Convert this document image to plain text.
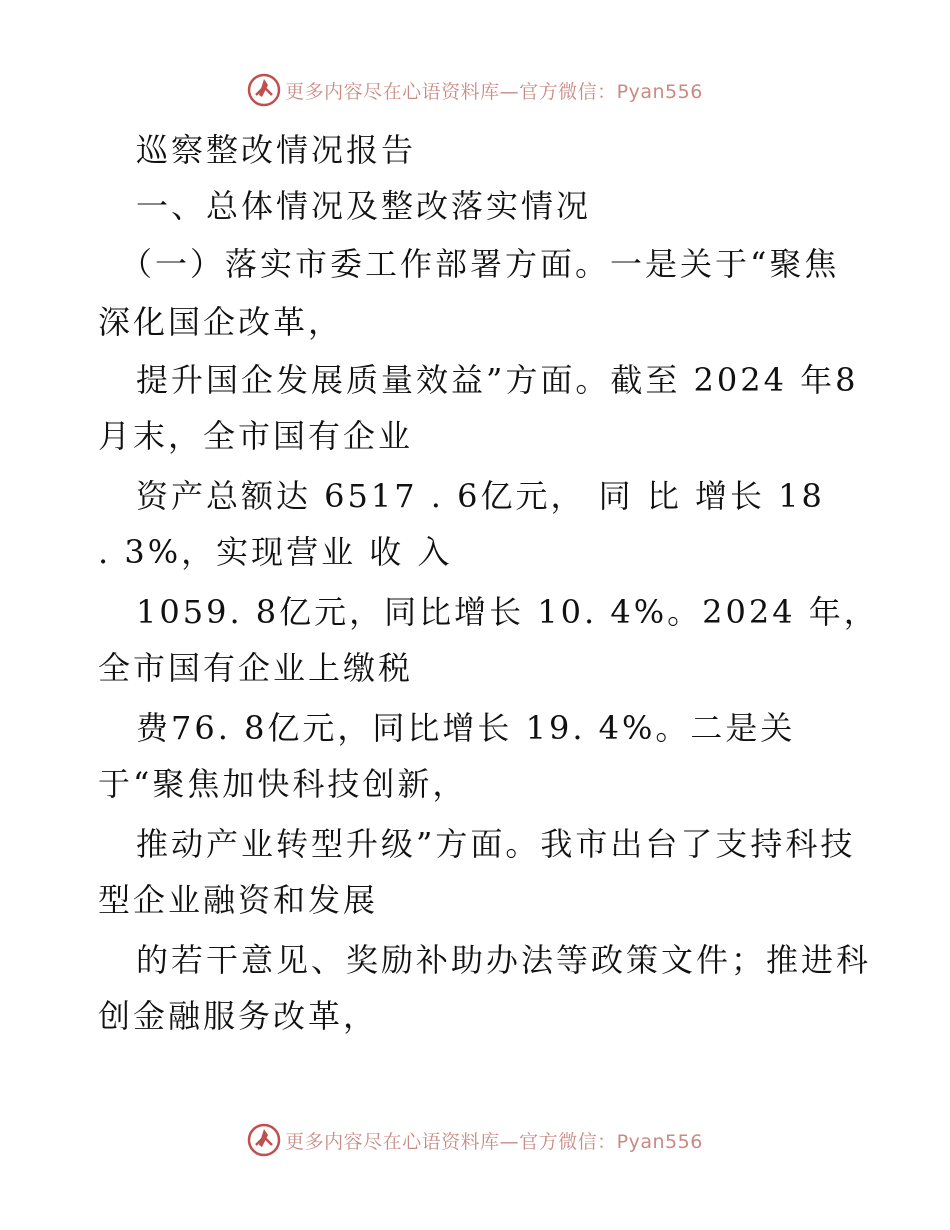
更多内容尽在心语资料库—官方微信：Pyan556
巡察整改情况报告
一、总体情况及整改落实情况
（一）落实市委工作部署方面。一是关于“聚焦
深化国企改革，
提升国企发展质量效益”方面。截至 2024 年8
月末，全市国有企业
资产总额达 6517 . 6亿元， 同 比 增长 18
. 3%，实现营业 收 入
1059. 8亿元，同比增长 10. 4%。2024 年，
全市国有企业上缴税
费76. 8亿元，同比增长 19. 4%。二是关
于“聚焦加快科技创新，
推动产业转型升级”方面。我市出台了支持科技
型企业融资和发展
的若干意见、奖励补助办法等政策文件；推进科
创金融服务改革，
更多内容尽在心语资料库—官方微信：Pyan556
